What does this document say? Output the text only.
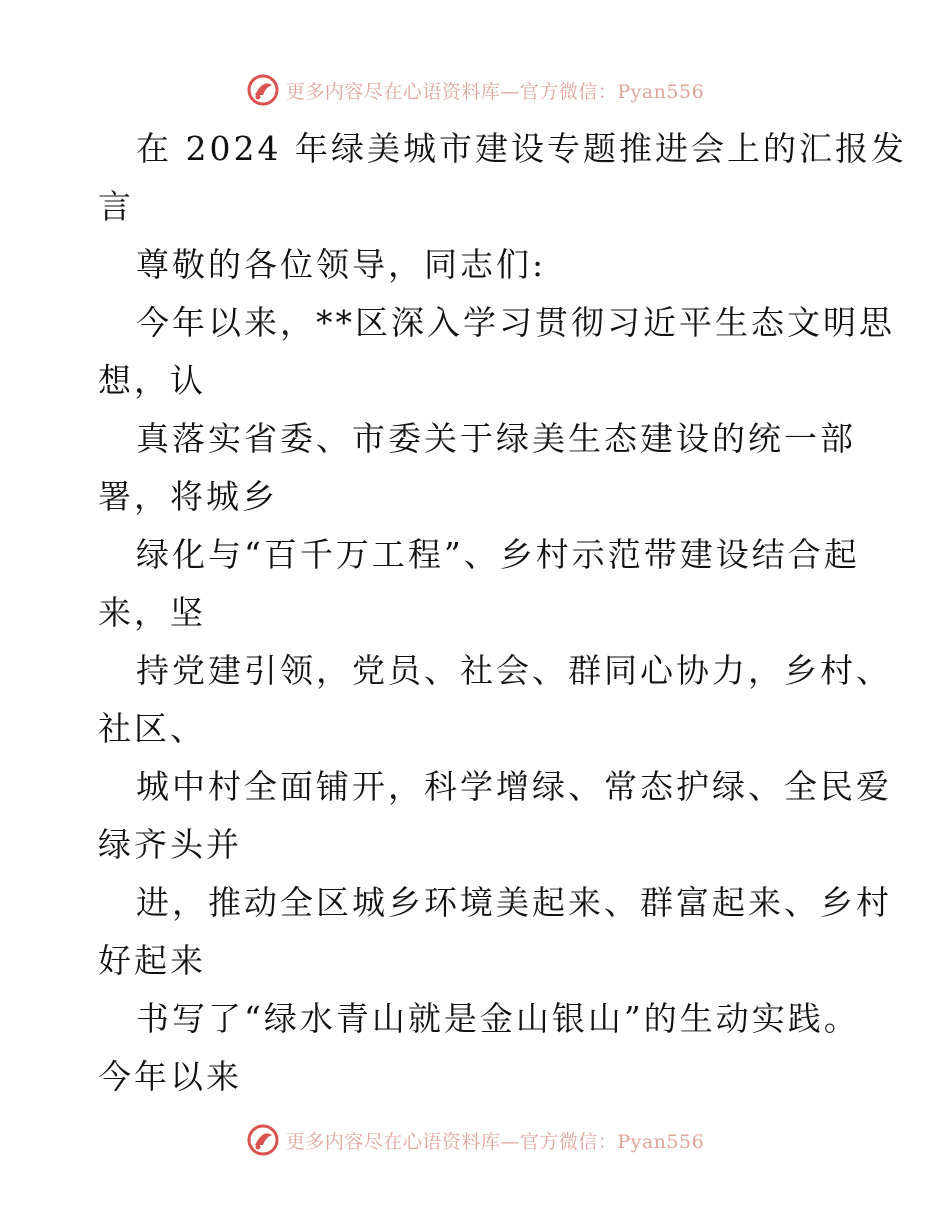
更多内容尽在心语资料库—官方微信：Pyan556
在 2024 年绿美城市建设专题推进会上的汇报发
言
尊敬的各位领导，同志们:
今年以来，**区深入学习贯彻习近平生态文明思
想，认
真落实省委、市委关于绿美生态建设的统一部
署，将城乡
绿化与“百千万工程”、乡村示范带建设结合起
来，坚
持党建引领，党员、社会、群同心协力，乡村、
社区、
城中村全面铺开，科学增绿、常态护绿、全民爱
绿齐头并
进，推动全区城乡环境美起来、群富起来、乡村
好起来
书写了“绿水青山就是金山银山”的生动实践。
今年以来
更多内容尽在心语资料库—官方微信：Pyan556
